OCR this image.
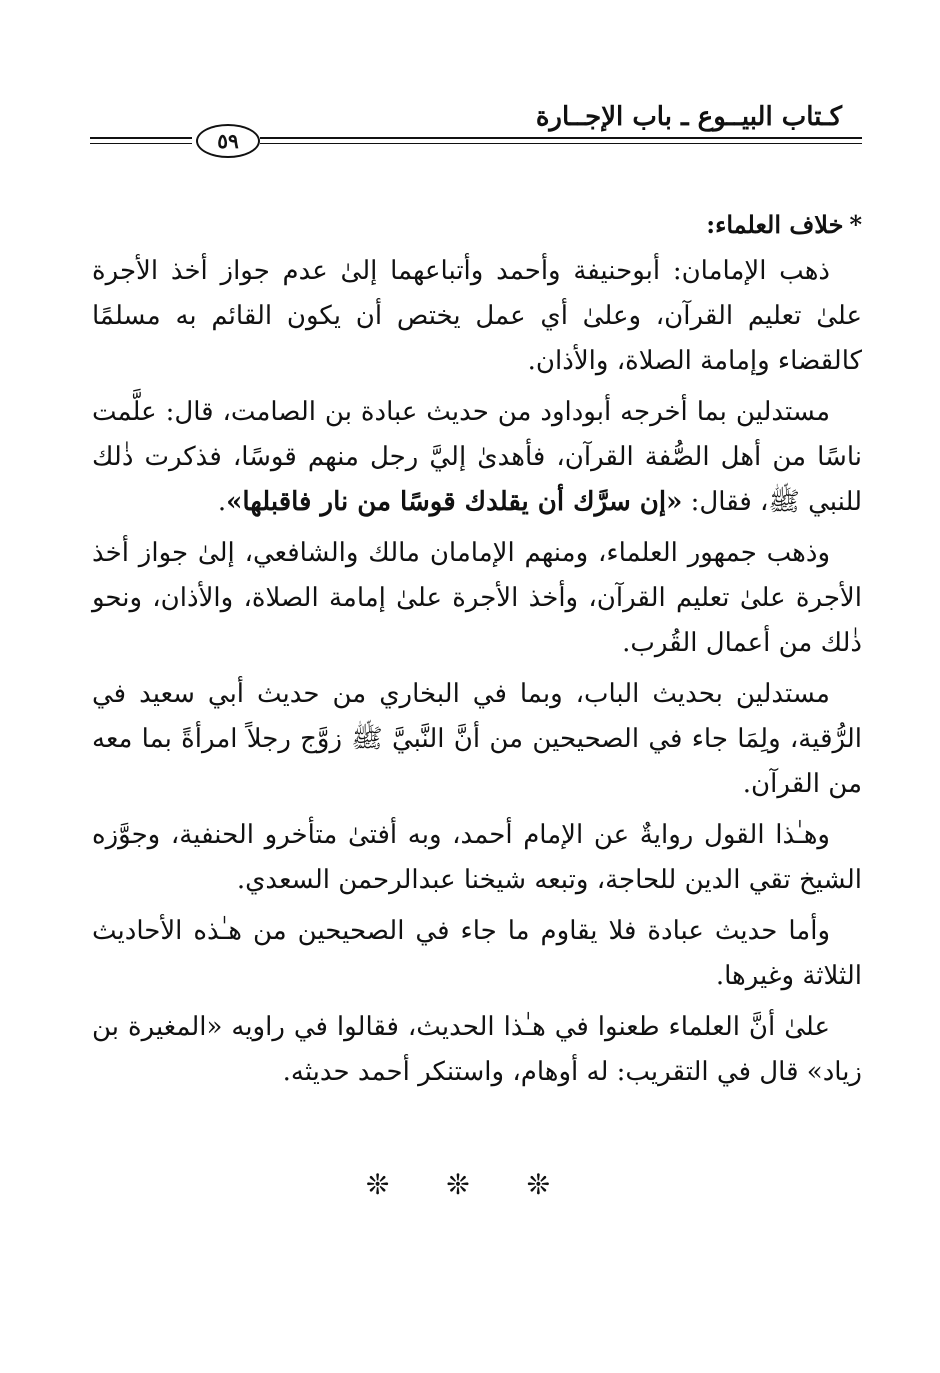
٥٩
كـتاب البيــوع ـ باب الإجــارة
*خلاف العلماء:

ذهب الإمامان: أبوحنيفة وأحمد وأتباعهما إلىٰ عدم جواز أخذ الأجرة علىٰ تعليم القرآن، وعلىٰ أي عمل يختص أن يكون القائم به مسلمًا كالقضاء وإمامة الصلاة، والأذان.

مستدلين بما أخرجه أبوداود من حديث عبادة بن الصامت، قال: علَّمت ناسًا من أهل الصُّفة القرآن، فأهدىٰ إليَّ رجل منهم قوسًا، فذكرت ذٰلك للنبي ﷺ، فقال: «إن سرَّك أن يقلدك قوسًا من نار فاقبلها».

وذهب جمهور العلماء، ومنهم الإمامان مالك والشافعي، إلىٰ جواز أخذ الأجرة علىٰ تعليم القرآن، وأخذ الأجرة علىٰ إمامة الصلاة، والأذان، ونحو ذٰلك من أعمال القُرب.

مستدلين بحديث الباب، وبما في البخاري من حديث أبي سعيد في الرُّقية، ولِمَا جاء في الصحيحين من أنَّ النَّبيَّ ﷺ زوَّج رجلاً امرأةً بما معه من القرآن.

وهـٰذا القول روايةٌ عن الإمام أحمد، وبه أفتىٰ متأخرو الحنفية، وجوَّزه الشيخ تقي الدين للحاجة، وتبعه شيخنا عبدالرحمن السعدي.

وأما حديث عبادة فلا يقاوم ما جاء في الصحيحين من هـٰذه الأحاديث الثلاثة وغيرها.

علىٰ أنَّ العلماء طعنوا في هـٰذا الحديث، فقالوا في راويه «المغيرة بن زياد» قال في التقريب: له أوهام، واستنكر أحمد حديثه.

❊ ❊ ❊
